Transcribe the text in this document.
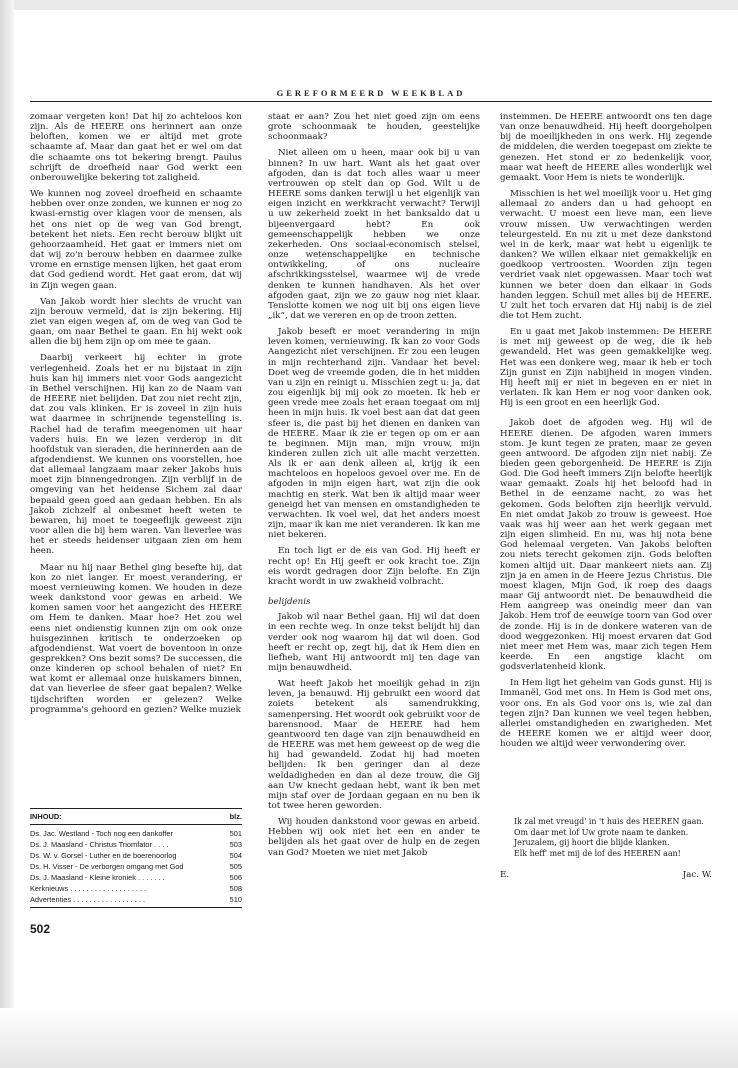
GEREFORMEERD WEEKBLAD

zomaar vergeten kon! Dat hij zo achteloos kon zijn. Als de HEERE ons herinnert aan onze beloften, komen we er altijd met grote schaamte af. Maar dan gaat het er wel om dat die schaamte ons tot bekering brengt. Paulus schrijft de droefheid naar God werkt een onberouwelijke bekering tot zaligheid.

We kunnen nog zoveel droefheid en schaamte hebben over onze zonden, we kunnen er nog zo kwasi-ernstig over klagen voor de mensen, als het ons niet op de weg van God brengt, betekent het niets. Een recht berouw blijkt uit gehoorzaamheid. Het gaat er immers niet om dat wij zo'n berouw hebben en daarmee zulke vrome en ernstige mensen lijken, het gaat erom dat God gediend wordt. Het gaat erom, dat wij in Zijn wegen gaan.

Van Jakob wordt hier slechts de vrucht van zijn berouw vermeld, dat is zijn bekering. Hij ziet van eigen wegen af, om de weg van God te gaan, om naar Bethel te gaan. En hij wekt ook allen die bij hem zijn op om mee te gaan.

Daarbij verkeert hij echter in grote verlegenheid. Zoals het er nu bijstaat in zijn huis kan hij immers niet voor Gods aangezicht in Bethel verschijnen. Hij kan zo de Naam van de HEERE niet belijden. Dat zou niet recht zijn, dat zou vals klinken. Er is zoveel in zijn huis wat daarmee in schrijnende tegenstelling is. Rachel had de terafim meegenomen uit haar vaders huis. En we lezen verderop in dit hoofdstuk van sieraden, die herinnerden aan de afgodendienst. We kunnen ons voorstellen, hoe dat allemaal langzaam maar zeker Jakobs huis moet zijn binnengedrongen. Zijn verblijf in de omgeving van het heidense Sichem zal daar bepaald geen goed aan gedaan hebben. En als Jakob zichzelf al onbesmet heeft weten te bewaren, hij moet te toegeeflijk geweest zijn voor allen die bij hem waren. Van lieverlee was het er steeds heidenser uitgaan zien om hem heen.

Maar nu hij naar Bethel ging besefte hij, dat kon zo niet langer. Er moest verandering, er moest vernieuwing komen. We houden in deze week dankstond voor gewas en arbeid. We komen samen voor het aangezicht des HEERE om Hem te danken. Maar hoe? Het zou wel eens niet ondienstig kunnen zijn om ook onze huisgezinnen kritisch te onderzoeken op afgodendienst. Wat voert de boventoon in onze gesprekken? Ons bezit soms? De successen, die onze kinderen op school behalen of niet? En wat komt er allemaal onze huiskamers binnen, dat van lieverlee de sfeer gaat bepalen? Welke tijdschriften worden er gelezen? Welke programma's gehoord en gezien? Welke muziek

staat er aan? Zou het niet goed zijn om eens grote schoonmaak te houden, geestelijke schoonmaak?

Niet alleen om u heen, maar ook bij u van binnen? In uw hart. Want als het gaat over afgoden, dan is dat toch alles waar u meer vertrouwen op stelt dan op God. Wilt u de HEERE soms danken terwijl u het eigenlijk van eigen inzicht en werkkracht verwacht? Terwijl u uw zekerheid zoekt in het banksaldo dat u bijeenvergaard hebt? En ook gemeenschappelijk hebben we onze zekerheden. Ons sociaal-economisch stelsel, onze wetenschappelijke en technische ontwikkeling, of ons nucleaire afschrikkingsstelsel, waarmee wij de vrede denken te kunnen handhaven. Als het over afgoden gaat, zijn we zo gauw nog niet klaar. Tenslotte komen we nog uit bij ons eigen lieve „ik”, dat we vereren en op de troon zetten.

Jakob beseft er moet verandering in mijn leven komen, vernieuwing. Ik kan zo voor Gods Aangezicht niet verschijnen. Er zou een leugen in mijn rechterhand zijn. Vandaar het bevel: Doet weg de vreemde goden, die in het midden van u zijn en reinigt u. Misschien zegt u: ja, dat zou eigenlijk bij mij ook zo moeten. Ik heb er geen vrede mee zoals het eraan toegaat om mij heen in mijn huis. Ik voel best aan dat dat geen sfeer is, die past bij het dienen en danken van de HEERE. Maar ik zie er tegen op om er aan te beginnen. Mijn man, mijn vrouw, mijn kinderen zullen zich uit alle macht verzetten. Als ik er aan denk alleen al, krijg ik een machteloos en hopeloos gevoel over me. En de afgoden in mijn eigen hart, wat zijn die ook machtig en sterk. Wat ben ik altijd maar weer geneigd het van mensen en omstandigheden te verwachten. Ik voel wel, dat het anders moest zijn, maar ik kan me niet veranderen. Ik kan me niet bekeren.

En toch ligt er de eis van God. Hij heeft er recht op! En Hij geeft er ook kracht toe. Zijn eis wordt gedragen door Zijn belofte. En Zijn kracht wordt in uw zwakheid volbracht.

belijdenis

Jakob wil naar Bethel gaan. Hij wil dat doen in een rechte weg. In onze tekst belijdt hij dan verder ook nog waarom hij dat wil doen. God heeft er recht op, zegt hij, dat ik Hem dien en liefheb, want Hij antwoordt mij ten dage van mijn benauwdheid.

Wat heeft Jakob het moeilijk gehad in zijn leven, ja benauwd. Hij gebruikt een woord dat zoiets betekent als samendrukking, samenpersing. Het woordt ook gebruikt voor de barensnood. Maar de HEERE had hem geantwoord ten dage van zijn benauwdheid en de HEERE was met hem geweest op de weg die hij had gewandeld. Zodat hij had moeten belijden: Ik ben geringer dan al deze weldadigheden en dan al deze trouw, die Gij aan Uw knecht gedaan hebt, want ik ben met mijn staf over de Jordaan gegaan en nu ben ik tot twee heren geworden.

Wij houden dankstond voor gewas en arbeid. Hebben wij ook niet het een en ander te belijden als het gaat over de hulp en de zegen van God? Moeten we niet met Jakob

instemmen. De HEERE antwoordt ons ten dage van onze benauwdheid. Hij heeft doorgeholpen bij de moeilijkheden in ons werk. Hij zegende de middelen, die werden toegepast om ziekte te genezen. Het stond er zo bedenkelijk voor, maar wat heeft de HEERE alles wonderlijk wel gemaakt. Voor Hem is niets te wonderlijk.

Misschien is het wel moeilijk voor u. Het ging allemaal zo anders dan u had gehoopt en verwacht. U moest een lieve man, een lieve vrouw missen. Uw verwachtingen werden teleurgesteld. En nu zit u met deze dankstond wel in de kerk, maar wat hebt u eigenlijk te danken? We willen elkaar niet gemakkelijk en goedkoop vertroosten. Woorden zijn tegen verdriet vaak niet opgewassen. Maar toch wat kunnen we beter doen dan elkaar in Gods handen leggen. Schuil met alles bij de HEERE. U zult het toch ervaren dat Hij nabij is de ziel die tot Hem zucht.

En u gaat met Jakob instemmen: De HEERE is met mij geweest op de weg, die ik heb gewandeld. Het was geen gemakkelijke weg. Het was een donkere weg, maar ik heb er toch Zijn gunst en Zijn nabijheid in mogen vinden. Hij heeft mij er niet in begeven en er niet in verlaten. Ik kan Hem er nog voor danken ook. Hij is een groot en een heerlijk God.

Jakob doet de afgoden weg. Hij wil de HEERE dienen. De afgoden waren immers stom. Je kunt tegen ze praten, maar ze geven geen antwoord. De afgoden zijn niet nabij. Ze bieden geen geborgenheid. De HEERE is Zijn God. Die God heeft immers Zijn belofte heerlijk waar gemaakt. Zoals hij het beloofd had in Bethel in de eenzame nacht, zo was het gekomen. Gods beloften zijn heerlijk vervuld. En niet omdat Jakob zo trouw is geweest. Hoe vaak was hij weer aan het werk gegaan met zijn eigen slimheid. En nu, was hij nota bene God helemaal vergeten. Van Jakobs beloften zou niets terecht gekomen zijn. Gods beloften komen altijd uit. Daar mankeert niets aan. Zij zijn ja en amen in de Heere Jezus Christus. Die moest klagen, Mijn God, ik roep des daags maar Gij antwoordt niet. De benauwdheid die Hem aangreep was oneindig meer dan van Jakob. Hem trof de eeuwige toorn van God over de zonde. Hij is in de donkere wateren van de dood weggezonken. Hij moest ervaren dat God niet meer met Hem was, maar zich tegen Hem keerde. En een angstige klacht om godsverlatenheid klonk.

In Hem ligt het geheim van Gods gunst. Hij is Immanël, God met ons. In Hem is God met ons, voor ons. En als God voor ons is, wie zal dan tegen zijn? Dan kunnen we veel tegen hebben, allerlei omstandigheden en zwarigheden. Met de HEERE komen we er altijd weer door, houden we altijd weer verwondering over.

INHOUD:	blz.
Ds. Jac. Westland - Toch nog een dankoffer	501
Ds. J. Maasland - Christus Triomfator . . . .	503
Ds. W. v. Gorsel - Luther en de boerenoorlog	504
Ds. H. Visser - De verborgen omgang met God	505
Ds. J. Maasland - Kleine kroniek . . . . . . .	506
Kerknieuws . . . . . . . . . . . . . . . . . . .	508
Advertenties . . . . . . . . . . . . . . . . . .	510
Ik zal met vreugd' in 't huis des HEEREN gaan.
Om daar met lof Uw grote naam te danken.
Jeruzalem, gij hoort die blijde klanken.
Elk heff' met mij de lof des HEEREN aan!
E.	Jac. W.
502
